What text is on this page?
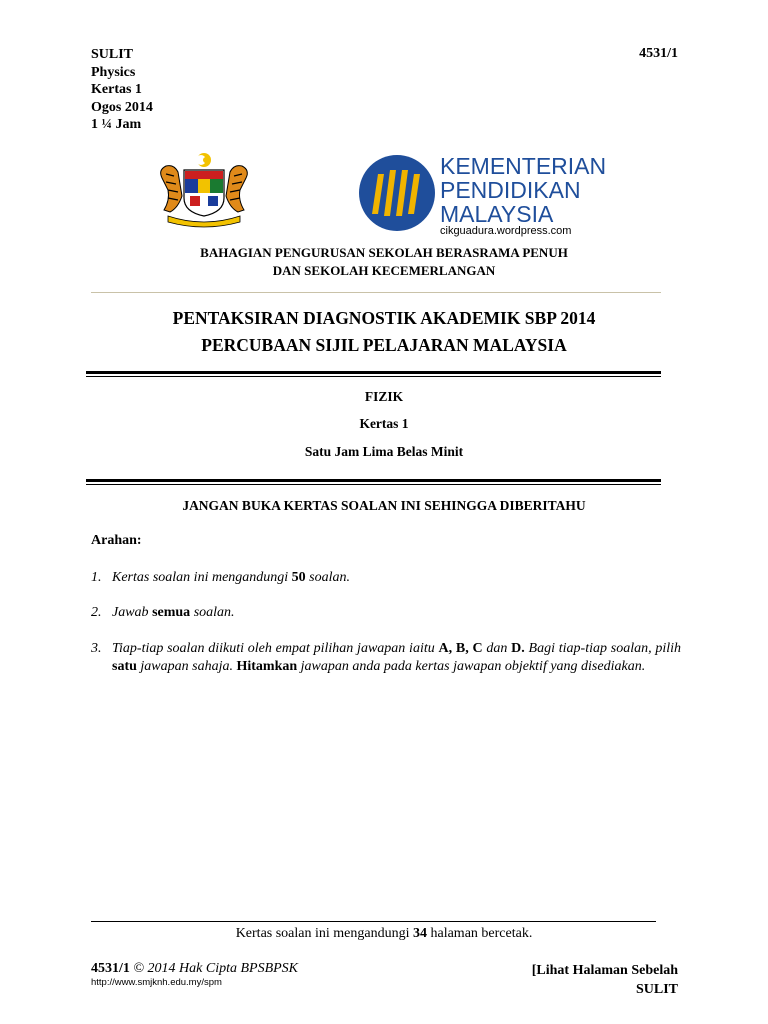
SULIT
Physics
Kertas 1
Ogos 2014
1 ¼ Jam
4531/1
KEMENTERIAN
PENDIDIKAN
MALAYSIA
cikguadura.wordpress.com
BAHAGIAN PENGURUSAN SEKOLAH BERASRAMA PENUH
DAN SEKOLAH KECEMERLANGAN
PENTAKSIRAN DIAGNOSTIK AKADEMIK SBP 2014
PERCUBAAN SIJIL PELAJARAN MALAYSIA
FIZIK
Kertas 1
Satu Jam Lima Belas Minit
JANGAN BUKA KERTAS SOALAN INI SEHINGGA DIBERITAHU
Arahan:
1. Kertas soalan ini mengandungi 50 soalan.
2. Jawab semua soalan.
3. Tiap-tiap soalan diikuti oleh empat pilihan jawapan iaitu A, B, C dan D. Bagi tiap-tiap soalan, pilih satu jawapan sahaja. Hitamkan jawapan anda pada kertas jawapan objektif yang disediakan.
Kertas soalan ini mengandungi 34 halaman bercetak.
4531/1 © 2014 Hak Cipta BPSBPSK
http://www.smjknh.edu.my/spm
[Lihat Halaman Sebelah
SULIT
